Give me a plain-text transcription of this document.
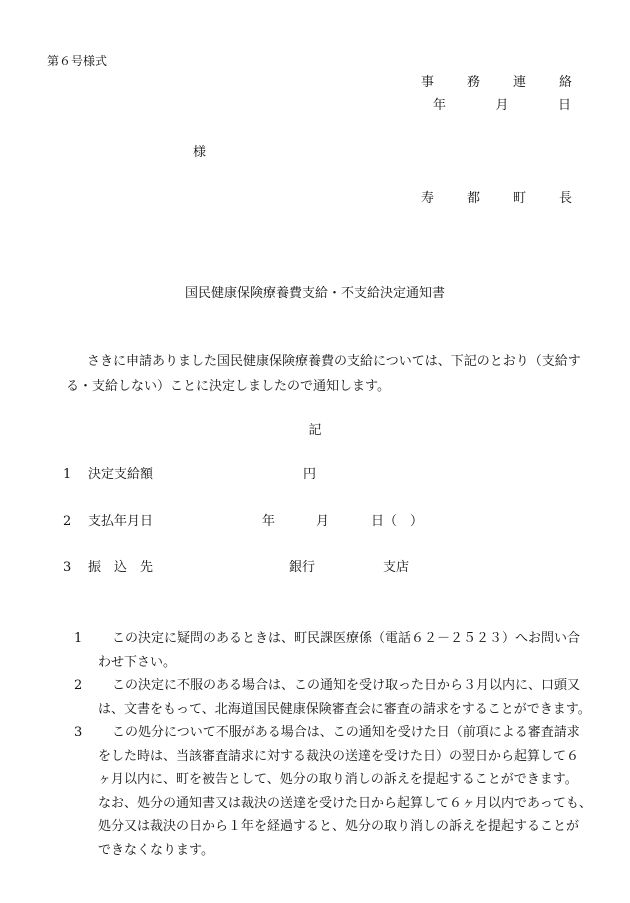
第６号様式
事	務	連	絡
年	月	日
様
寿	都	町	長
国民健康保険療養費支給・不支給決定通知書
さきに申請ありました国民健康保険療養費の支給については、下記のとおり（支給する・支給しない）ことに決定しましたので通知します。
記
1 決定支給額	円
2 支払年月日	年	月	日（　）
3 振　込　先	銀行	支店
1	この決定に疑問のあるときは、町民課医療係（電話６２－２５２３）へお問い合
わせ下さい。
2	この決定に不服のある場合は、この通知を受け取った日から３月以内に、口頭又
は、文書をもって、北海道国民健康保険審査会に審査の請求をすることができます。
3	この処分について不服がある場合は、この通知を受けた日（前項による審査請求
をした時は、当該審査請求に対する裁決の送達を受けた日）の翌日から起算して６
ヶ月以内に、町を被告として、処分の取り消しの訴えを提起することができます。
なお、処分の通知書又は裁決の送達を受けた日から起算して６ヶ月以内であっても、
処分又は裁決の日から１年を経過すると、処分の取り消しの訴えを提起することが
できなくなります。
